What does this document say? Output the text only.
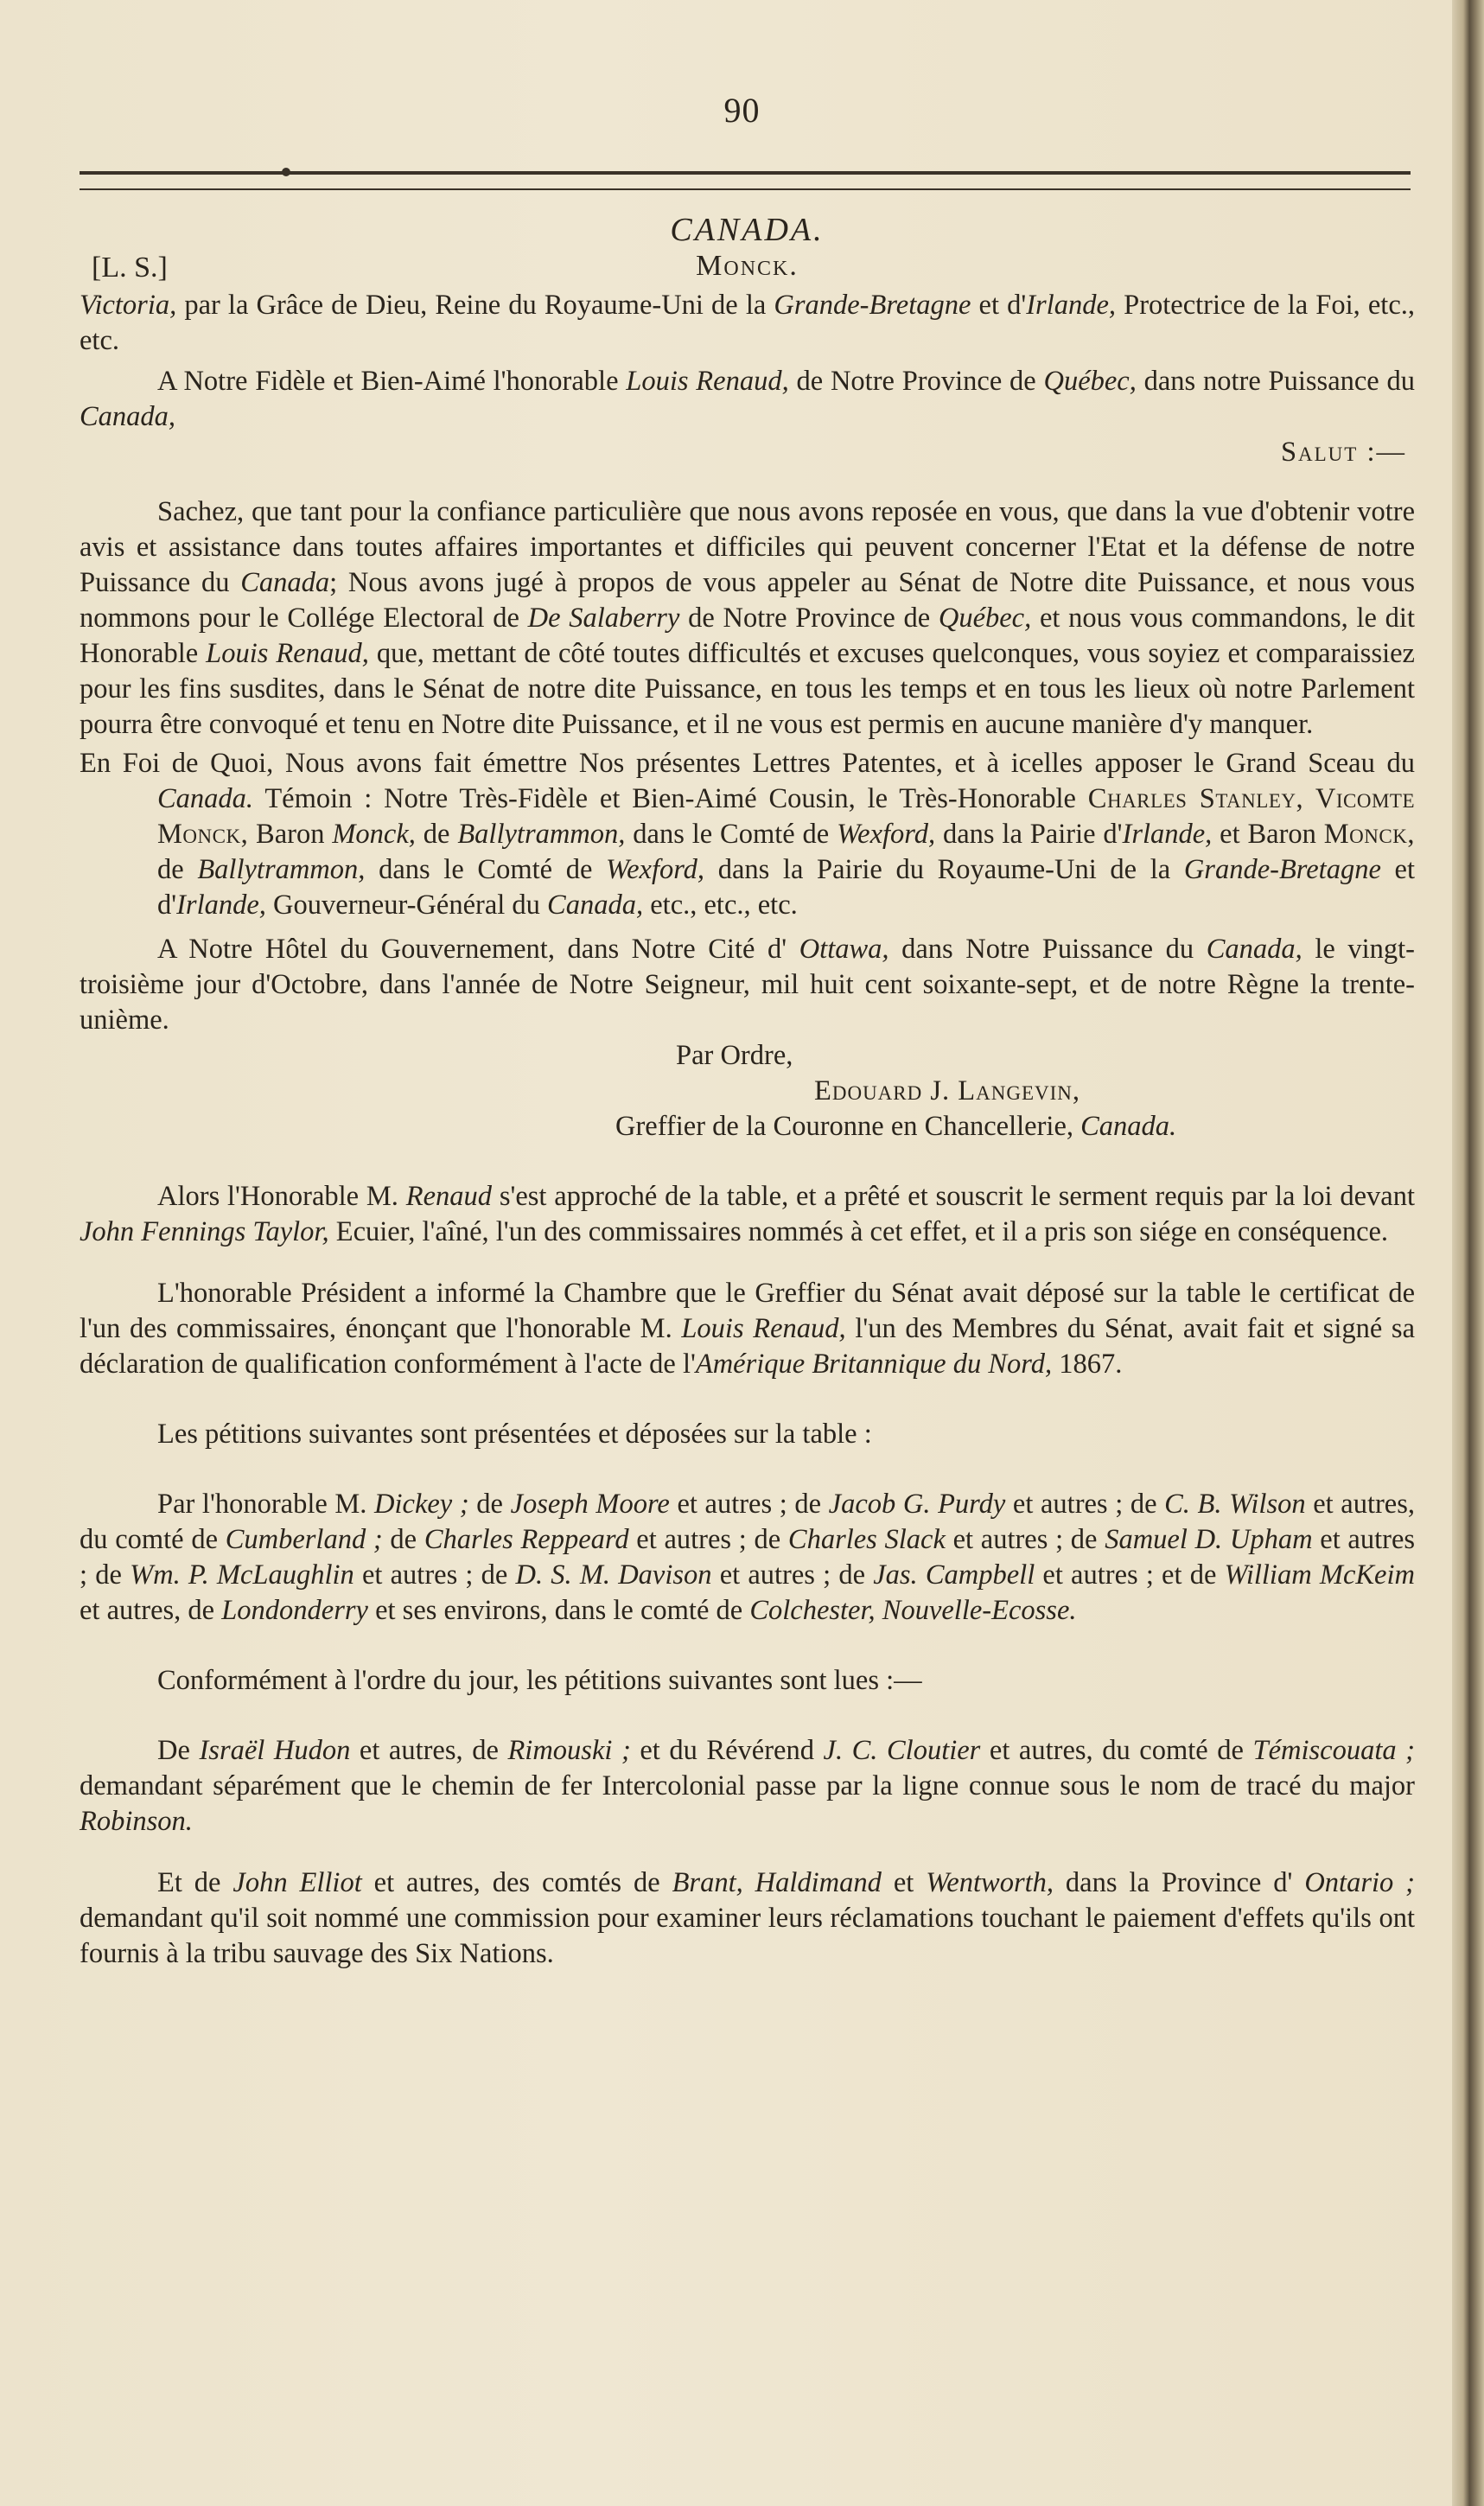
90
CANADA.
[L. S.]	Monck.

Victoria, par la Grâce de Dieu, Reine du Royaume-Uni de la Grande-Bretagne et d'Irlande, Protectrice de la Foi, etc., etc.

A Notre Fidèle et Bien-Aimé l'honorable Louis Renaud, de Notre Province de Québec, dans notre Puissance du Canada,

Salut :—

Sachez, que tant pour la confiance particulière que nous avons reposée en vous, que dans la vue d'obtenir votre avis et assistance dans toutes affaires importantes et difficiles qui peuvent concerner l'Etat et la défense de notre Puissance du Canada; Nous avons jugé à propos de vous appeler au Sénat de Notre dite Puissance, et nous vous nommons pour le Collége Electoral de De Salaberry de Notre Province de Québec, et nous vous commandons, le dit Honorable Louis Renaud, que, mettant de côté toutes difficultés et excuses quelconques, vous soyiez et comparaissiez pour les fins susdites, dans le Sénat de notre dite Puissance, en tous les temps et en tous les lieux où notre Parlement pourra être convoqué et tenu en Notre dite Puissance, et il ne vous est permis en aucune manière d'y manquer.

En Foi de Quoi, Nous avons fait émettre Nos présentes Lettres Patentes, et à icelles apposer le Grand Sceau du Canada. Témoin : Notre Très-Fidèle et Bien-Aimé Cousin, le Très-Honorable Charles Stanley, Vicomte Monck, Baron Monck, de Ballytrammon, dans le Comté de Wexford, dans la Pairie d'Irlande, et Baron Monck, de Ballytrammon, dans le Comté de Wexford, dans la Pairie du Royaume-Uni de la Grande-Bretagne et d'Irlande, Gouverneur-Général du Canada, etc., etc., etc.

A Notre Hôtel du Gouvernement, dans Notre Cité d' Ottawa, dans Notre Puissance du Canada, le vingt-troisième jour d'Octobre, dans l'année de Notre Seigneur, mil huit cent soixante-sept, et de notre Règne la trente-unième.

Par Ordre,
Edouard J. Langevin,
Greffier de la Couronne en Chancellerie, Canada.

Alors l'Honorable M. Renaud s'est approché de la table, et a prêté et souscrit le serment requis par la loi devant John Fennings Taylor, Ecuier, l'aîné, l'un des commissaires nommés à cet effet, et il a pris son siége en conséquence.

L'honorable Président a informé la Chambre que le Greffier du Sénat avait déposé sur la table le certificat de l'un des commissaires, énonçant que l'honorable M. Louis Renaud, l'un des Membres du Sénat, avait fait et signé sa déclaration de qualification conformément à l'acte de l'Amérique Britannique du Nord, 1867.

Les pétitions suivantes sont présentées et déposées sur la table :

Par l'honorable M. Dickey ; de Joseph Moore et autres ; de Jacob G. Purdy et autres ; de C. B. Wilson et autres, du comté de Cumberland ; de Charles Reppeard et autres ; de Charles Slack et autres ; de Samuel D. Upham et autres ; de Wm. P. McLaughlin et autres ; de D. S. M. Davison et autres ; de Jas. Campbell et autres ; et de William McKeim et autres, de Londonderry et ses environs, dans le comté de Colchester, Nouvelle-Ecosse.

Conformément à l'ordre du jour, les pétitions suivantes sont lues :—

De Israël Hudon et autres, de Rimouski ; et du Révérend J. C. Cloutier et autres, du comté de Témiscouata ; demandant séparément que le chemin de fer Intercolonial passe par la ligne connue sous le nom de tracé du major Robinson.

Et de John Elliot et autres, des comtés de Brant, Haldimand et Wentworth, dans la Province d' Ontario ; demandant qu'il soit nommé une commission pour examiner leurs réclamations touchant le paiement d'effets qu'ils ont fournis à la tribu sauvage des Six Nations.
